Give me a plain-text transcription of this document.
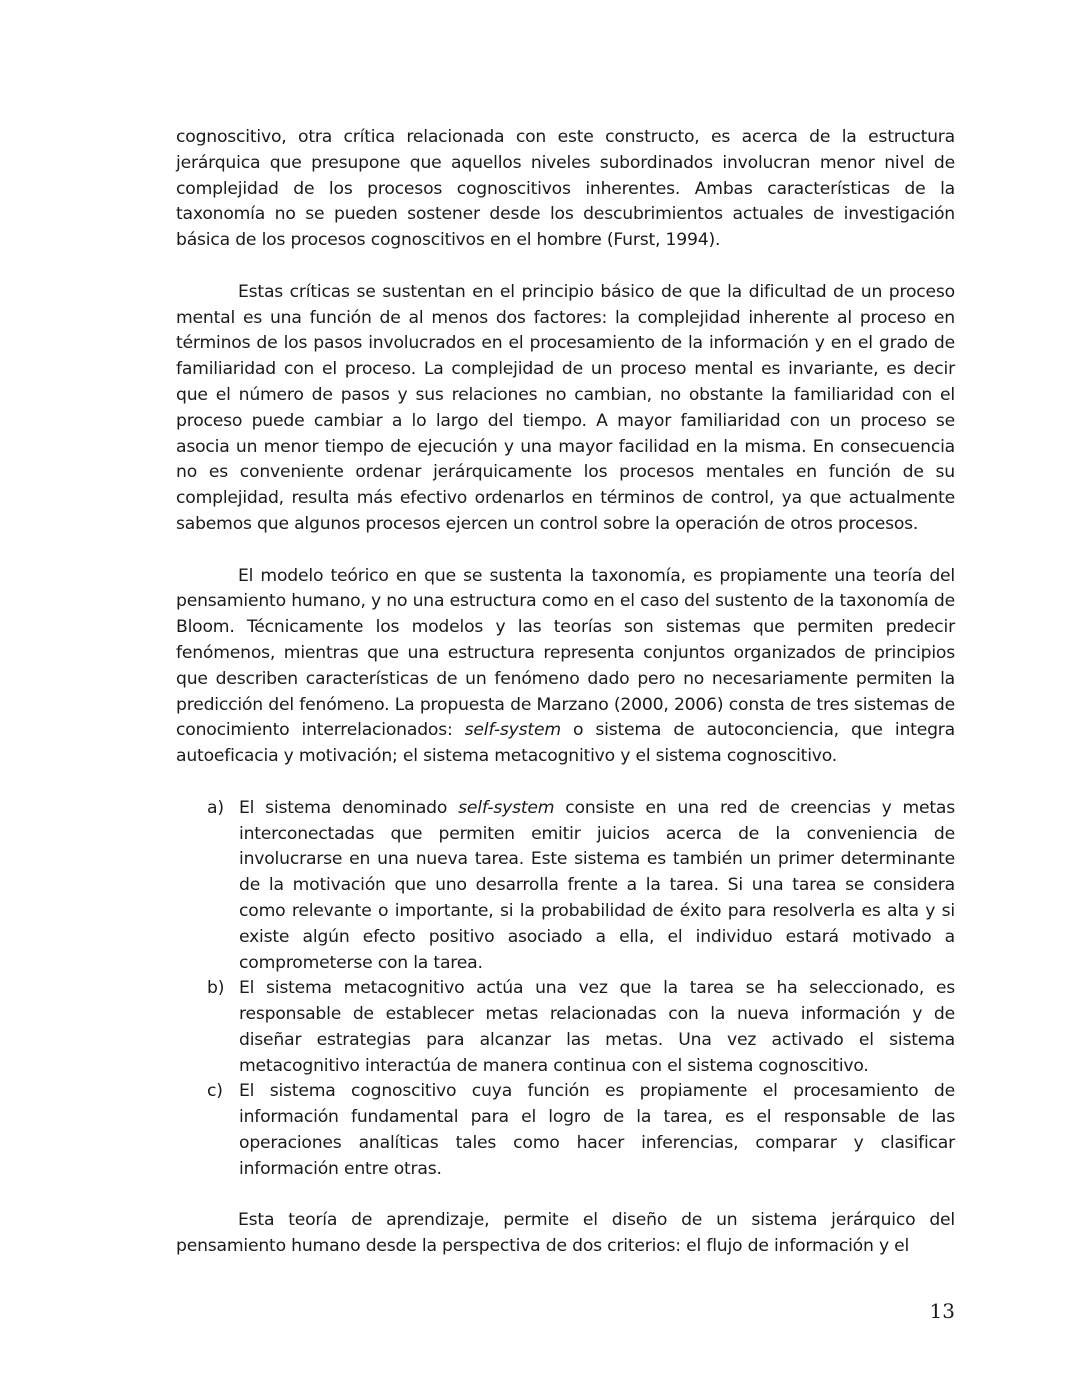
cognoscitivo, otra crítica relacionada con este constructo, es acerca de la estructura jerárquica que presupone que aquellos niveles subordinados involucran menor nivel de complejidad de los procesos cognoscitivos inherentes. Ambas características de la taxonomía no se pueden sostener desde los descubrimientos actuales de investigación básica de los procesos cognoscitivos en el hombre (Furst, 1994).

Estas críticas se sustentan en el principio básico de que la dificultad de un proceso mental es una función de al menos dos factores: la complejidad inherente al proceso en términos de los pasos involucrados en el procesamiento de la información y en el grado de familiaridad con el proceso. La complejidad de un proceso mental es invariante, es decir que el número de pasos y sus relaciones no cambian, no obstante la familiaridad con el proceso puede cambiar a lo largo del tiempo. A mayor familiaridad con un proceso se asocia un menor tiempo de ejecución y una mayor facilidad en la misma. En consecuencia no es conveniente ordenar jerárquicamente los procesos mentales en función de su complejidad, resulta más efectivo ordenarlos en términos de control, ya que actualmente sabemos que algunos procesos ejercen un control sobre la operación de otros procesos.

El modelo teórico en que se sustenta la taxonomía, es propiamente una teoría del pensamiento humano, y no una estructura como en el caso del sustento de la taxonomía de Bloom. Técnicamente los modelos y las teorías son sistemas que permiten predecir fenómenos, mientras que una estructura representa conjuntos organizados de principios que describen características de un fenómeno dado pero no necesariamente permiten la predicción del fenómeno. La propuesta de Marzano (2000, 2006) consta de tres sistemas de conocimiento interrelacionados: self-system o sistema de autoconciencia, que integra autoeficacia y motivación; el sistema metacognitivo y el sistema cognoscitivo.

a) El sistema denominado self-system consiste en una red de creencias y metas interconectadas que permiten emitir juicios acerca de la conveniencia de involucrarse en una nueva tarea. Este sistema es también un primer determinante de la motivación que uno desarrolla frente a la tarea. Si una tarea se considera como relevante o importante, si la probabilidad de éxito para resolverla es alta y si existe algún efecto positivo asociado a ella, el individuo estará motivado a comprometerse con la tarea.
b) El sistema metacognitivo actúa una vez que la tarea se ha seleccionado, es responsable de establecer metas relacionadas con la nueva información y de diseñar estrategias para alcanzar las metas. Una vez activado el sistema metacognitivo interactúa de manera continua con el sistema cognoscitivo.
c) El sistema cognoscitivo cuya función es propiamente el procesamiento de información fundamental para el logro de la tarea, es el responsable de las operaciones analíticas tales como hacer inferencias, comparar y clasificar información entre otras.

Esta teoría de aprendizaje, permite el diseño de un sistema jerárquico del pensamiento humano desde la perspectiva de dos criterios: el flujo de información y el

13
